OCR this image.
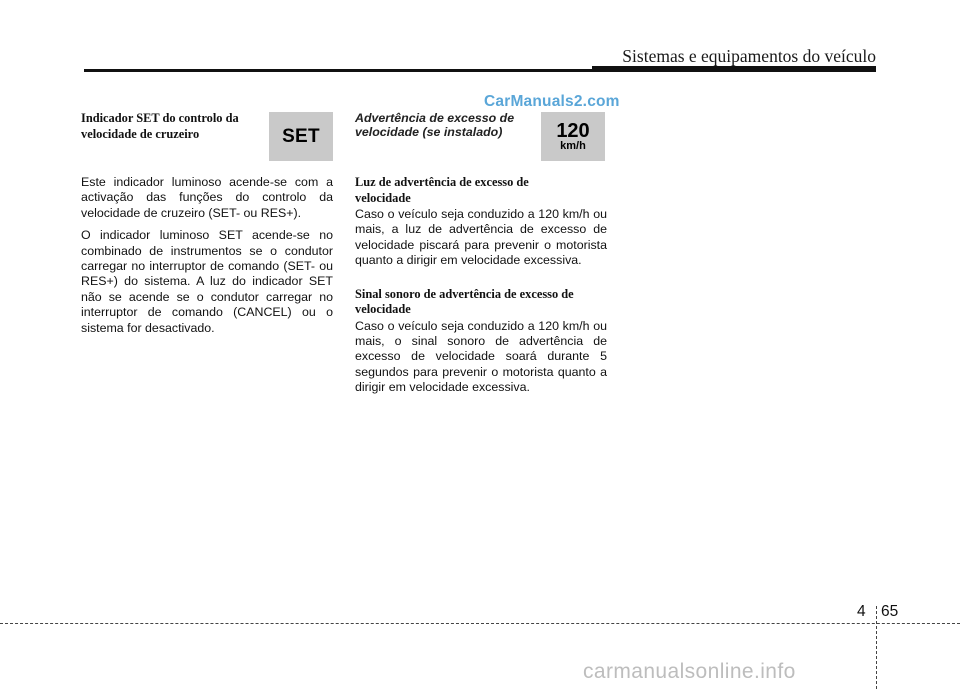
Sistemas e equipamentos do veículo
CarManuals2.com

Indicador SET do controlo da
velocidade de cruzeiro

Este indicador luminoso acende-se com a activação das funções do controlo da velocidade de cruzeiro (SET- ou RES+).

O indicador luminoso SET acende-se no combinado de instrumentos se o condutor carregar no interruptor de comando (SET- ou RES+) do sistema. A luz do indicador SET não se acende se o condutor carregar no interruptor de comando (CANCEL) ou o sistema for desactivado.

SET

Advertência de excesso de
velocidade (se instalado)

Luz de advertência de excesso de
velocidade

Caso o veículo seja conduzido a 120 km/h ou mais, a luz de advertência de excesso de velocidade piscará para prevenir o motorista quanto a dirigir em velocidade excessiva.

Sinal sonoro de advertência de excesso de
velocidade

Caso o veículo seja conduzido a 120 km/h ou mais, o sinal sonoro de advertência de excesso de velocidade soará durante 5 segundos para prevenir o motorista quanto a dirigir em velocidade excessiva.

120
km/h
4 65
carmanualsonline.info
